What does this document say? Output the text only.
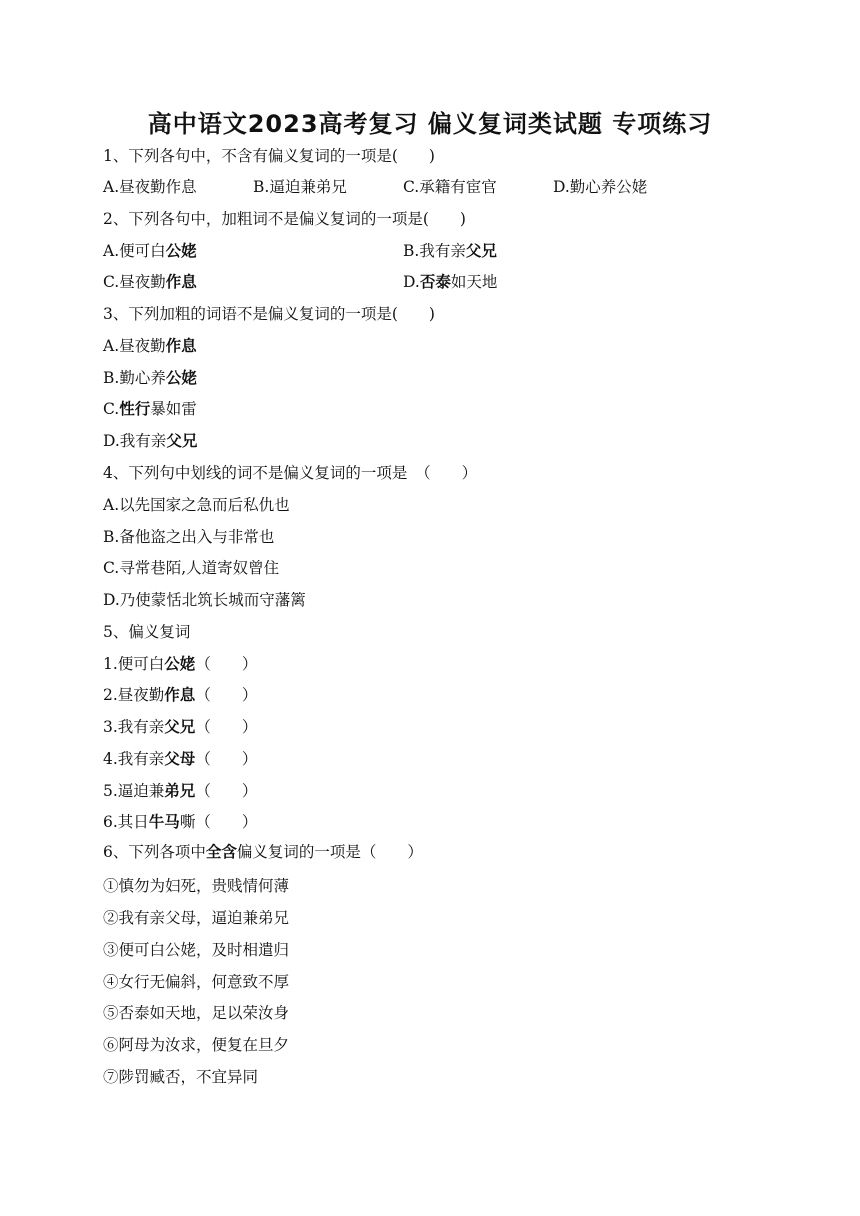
高中语文2023高考复习 偏义复词类试题 专项练习
1、下列各句中，不含有偏义复词的一项是(　　)
A.昼夜勤作息	B.逼迫兼弟兄	C.承籍有宦官	D.勤心养公姥
2、下列各句中，加粗词不是偏义复词的一项是(　　)
A.便可白公姥	B.我有亲父兄
C.昼夜勤作息	D.否泰如天地
3、下列加粗的词语不是偏义复词的一项是(　　)
A.昼夜勤作息
B.勤心养公姥
C.性行暴如雷
D.我有亲父兄
4、下列句中划线的词不是偏义复词的一项是　（　　）
A.以先国家之急而后私仇也
B.备他盗之出入与非常也
C.寻常巷陌,人道寄奴曾住
D.乃使蒙恬北筑长城而守藩篱
5、偏义复词
1.便可白公姥（　　）
2.昼夜勤作息（　　）
3.我有亲父兄（　　）
4.我有亲父母（　　）
5.逼迫兼弟兄（　　）
6.其日牛马嘶（　　）
6、下列各项中全含偏义复词的一项是（　　）
①慎勿为妇死，贵贱情何薄
②我有亲父母，逼迫兼弟兄
③便可白公姥，及时相遣归
④女行无偏斜，何意致不厚
⑤否泰如天地，足以荣汝身
⑥阿母为汝求，便复在旦夕
⑦陟罚臧否，不宜异同
